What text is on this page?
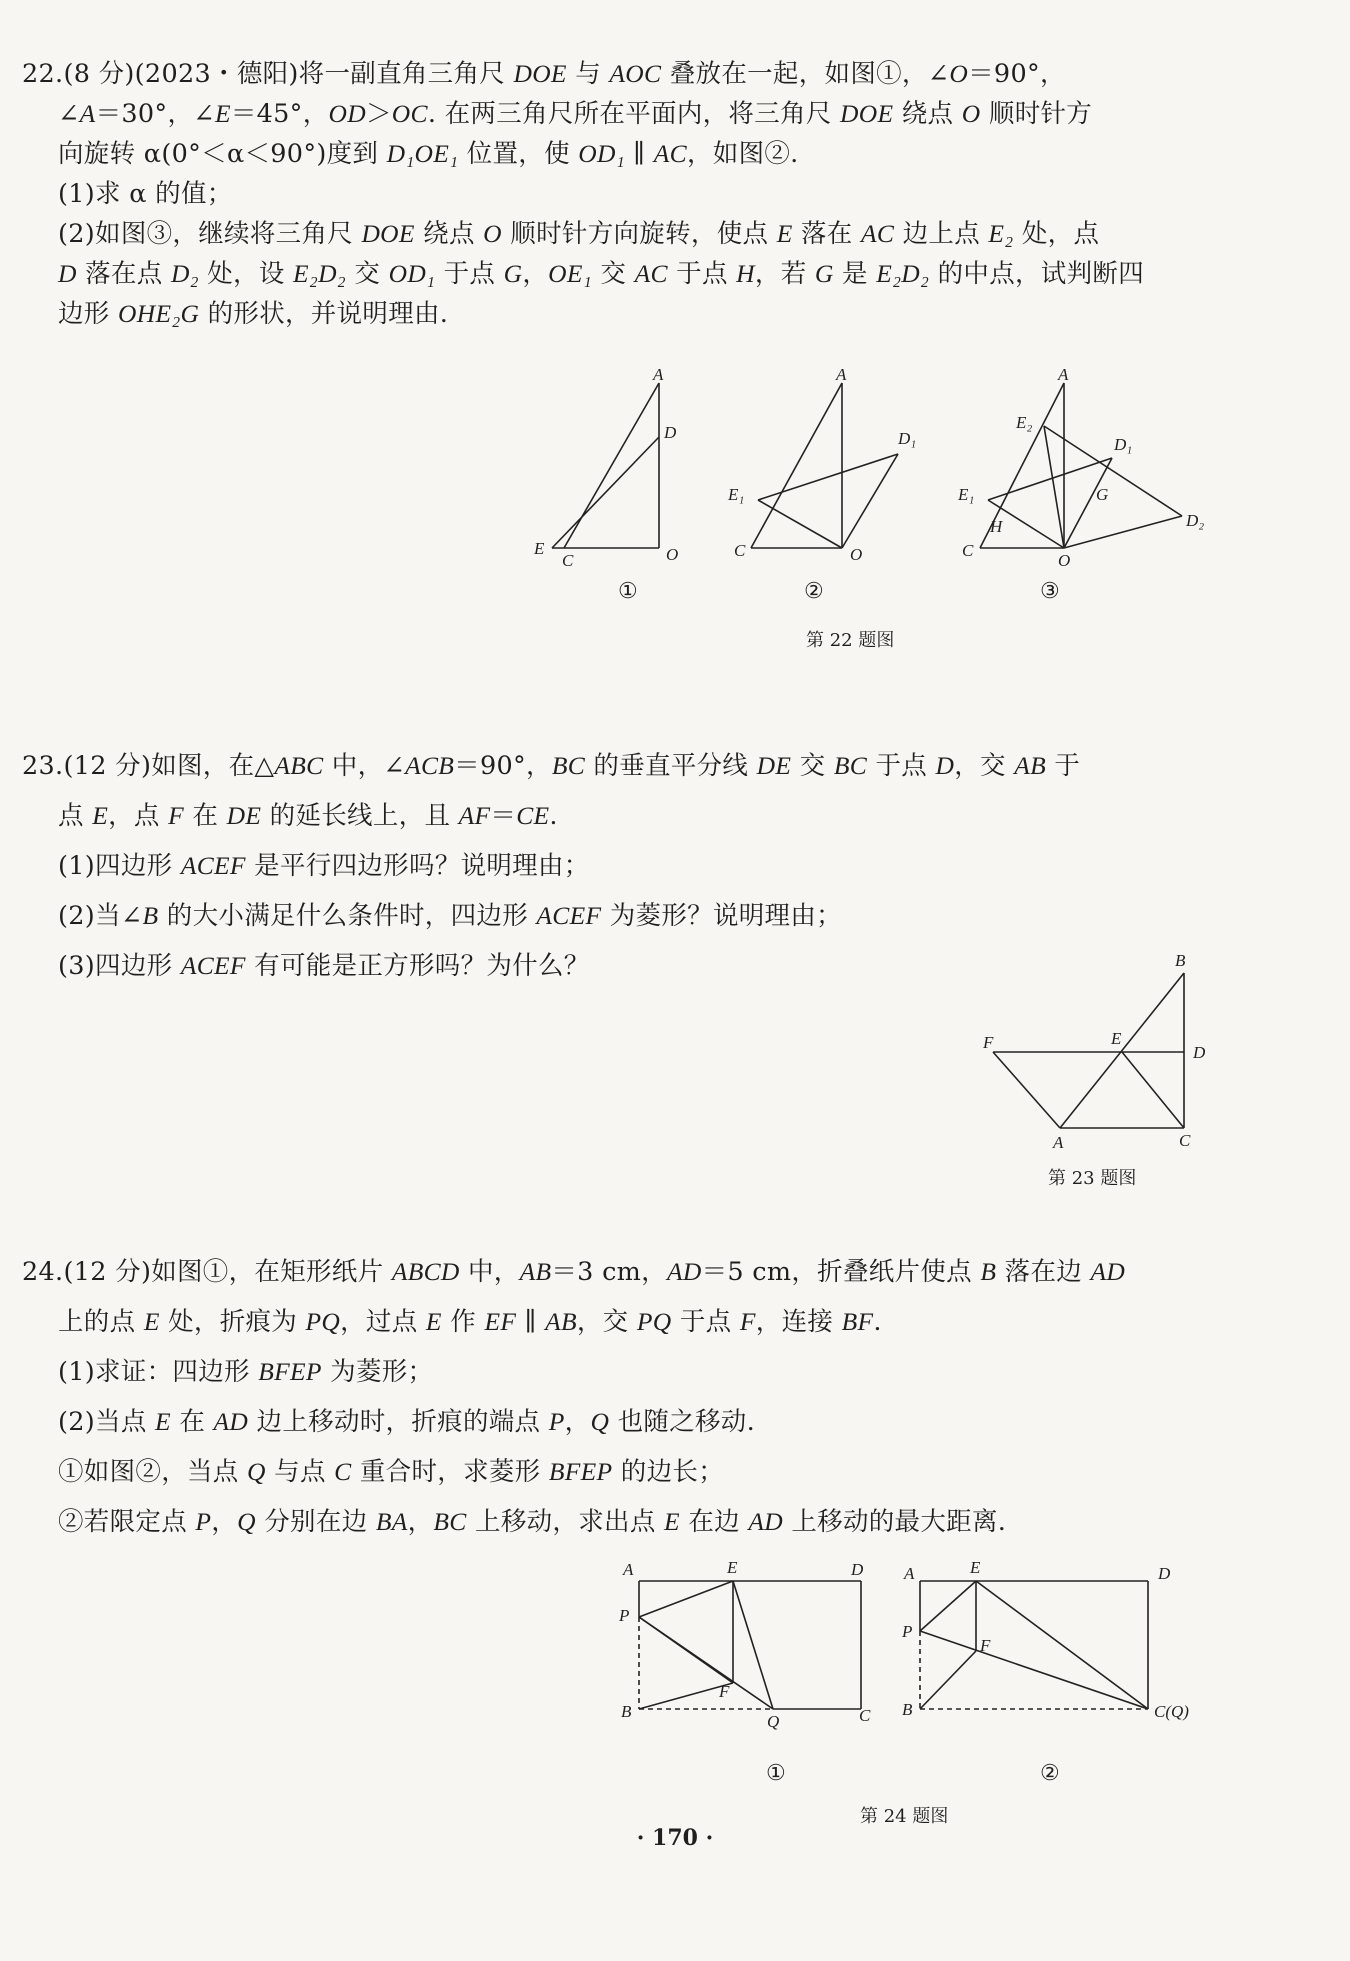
22.(8 分)(2023・德阳)将一副直角三角尺 DOE 与 AOC 叠放在一起，如图①，∠O＝90°，
∠A＝30°，∠E＝45°，OD＞OC. 在两三角尺所在平面内，将三角尺 DOE 绕点 O 顺时针方
向旋转 α(0°＜α＜90°)度到 D₁OE₁ 位置，使 OD₁ ∥ AC，如图②.
(1)求 α 的值；
(2)如图③，继续将三角尺 DOE 绕点 O 顺时针方向旋转，使点 E 落在 AC 边上点 E₂ 处，点
D 落在点 D₂ 处，设 E₂D₂ 交 OD₁ 于点 G，OE₁ 交 AC 于点 H，若 G 是 E₂D₂ 的中点，试判断四
边形 OHE₂G 的形状，并说明理由.
A
D
E
C	O
A
D₁
E₁
C	O
A
E₂
D₁
E₁
H
G
D₂
C
O
①	②	③
第 22 题图
23.(12 分)如图，在△ABC 中，∠ACB＝90°，BC 的垂直平分线 DE 交 BC 于点 D，交 AB 于
点 E，点 F 在 DE 的延长线上，且 AF＝CE.
(1)四边形 ACEF 是平行四边形吗？说明理由；
(2)当∠B 的大小满足什么条件时，四边形 ACEF 为菱形？说明理由；
(3)四边形 ACEF 有可能是正方形吗？为什么？	B
F	E
D
A	C
第 23 题图
24.(12 分)如图①，在矩形纸片 ABCD 中，AB＝3 cm，AD＝5 cm，折叠纸片使点 B 落在边 AD
上的点 E 处，折痕为 PQ，过点 E 作 EF ∥ AB，交 PQ 于点 F，连接 BF.
(1)求证：四边形 BFEP 为菱形；
(2)当点 E 在 AD 边上移动时，折痕的端点 P，Q 也随之移动.
①如图②，当点 Q 与点 C 重合时，求菱形 BFEP 的边长；
②若限定点 P，Q 分别在边 BA，BC 上移动，求出点 E 在边 AD 上移动的最大距离.
A	E	D
P
F
B
Q	C
A	E	D
P
F
B	C(Q)
①	②
第 24 题图
· 170 ·
